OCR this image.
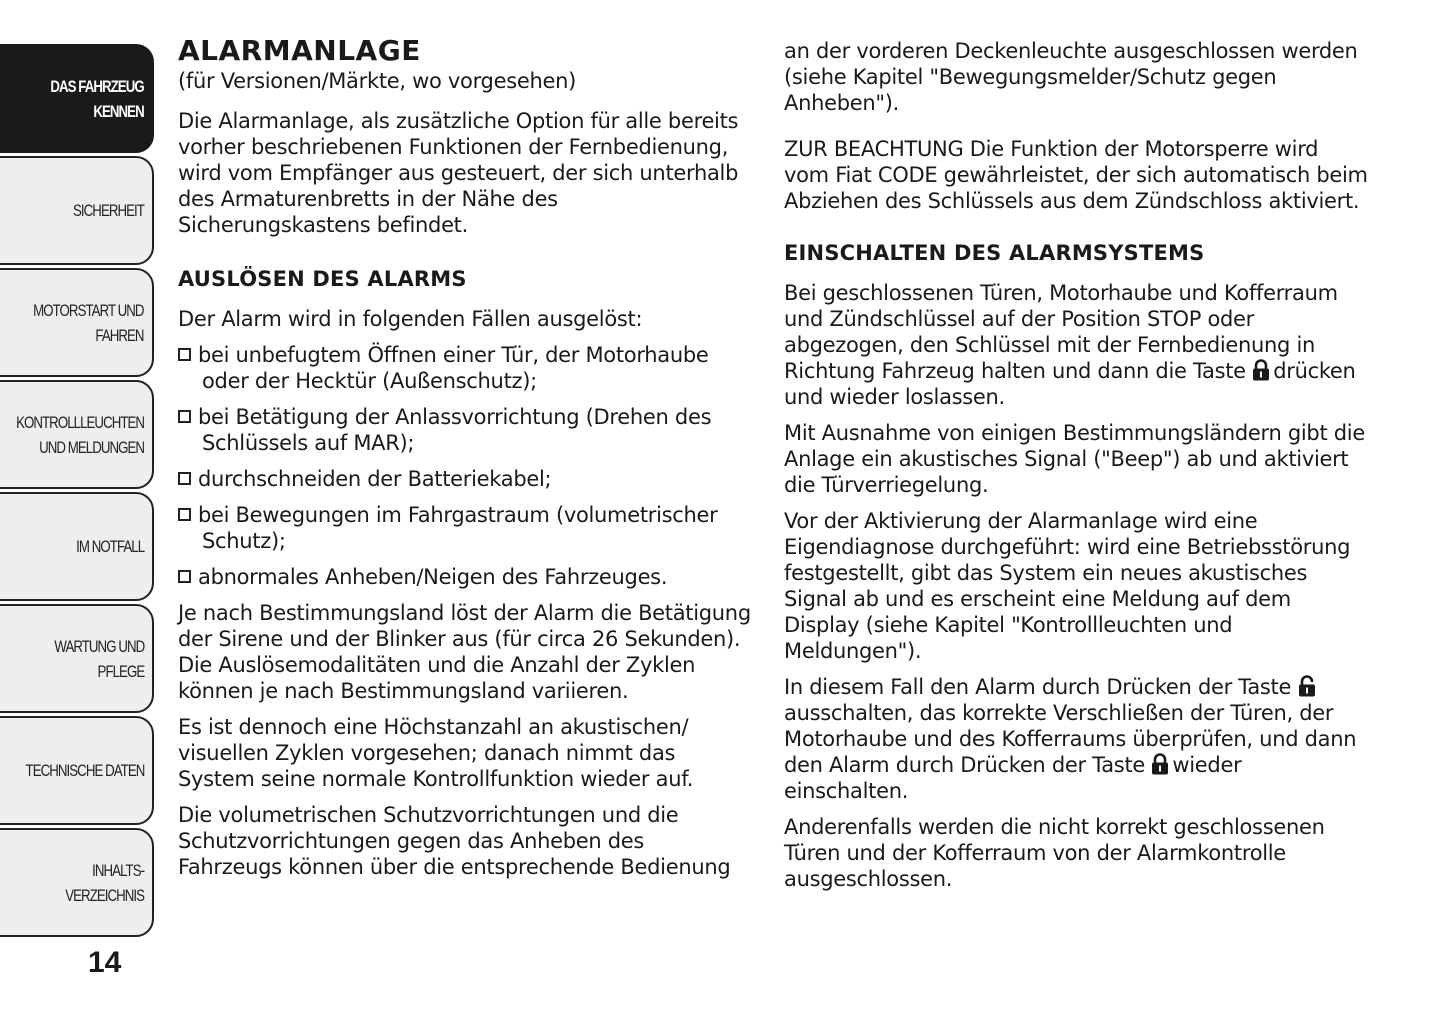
DAS FAHRZEUG
KENNEN
SICHERHEIT
MOTORSTART UND
FAHREN
KONTROLLLEUCHTEN
UND MELDUNGEN
IM NOTFALL
WARTUNG UND
PFLEGE
TECHNISCHE DATEN
INHALTS-
VERZEICHNIS
14
ALARMANLAGE
(für Versionen/Märkte, wo vorgesehen)

Die Alarmanlage, als zusätzliche Option für alle bereits vorher beschriebenen Funktionen der Fernbedienung, wird vom Empfänger aus gesteuert, der sich unterhalb des Armaturenbretts in der Nähe des Sicherungskastens befindet.

AUSLÖSEN DES ALARMS

Der Alarm wird in folgenden Fällen ausgelöst:

bei unbefugtem Öffnen einer Tür, der Motorhaube oder der Hecktür (Außenschutz);
bei Betätigung der Anlassvorrichtung (Drehen des Schlüssels auf MAR);
durchschneiden der Batteriekabel;
bei Bewegungen im Fahrgastraum (volumetrischer Schutz);
abnormales Anheben/Neigen des Fahrzeuges.

Je nach Bestimmungsland löst der Alarm die Betätigung der Sirene und der Blinker aus (für circa 26 Sekunden). Die Auslösemodalitäten und die Anzahl der Zyklen können je nach Bestimmungsland variieren.

Es ist dennoch eine Höchstanzahl an akustischen/ visuellen Zyklen vorgesehen; danach nimmt das System seine normale Kontrollfunktion wieder auf.

Die volumetrischen Schutzvorrichtungen und die Schutzvorrichtungen gegen das Anheben des Fahrzeugs können über die entsprechende Bedienung

an der vorderen Deckenleuchte ausgeschlossen werden (siehe Kapitel "Bewegungsmelder/Schutz gegen Anheben").

ZUR BEACHTUNG Die Funktion der Motorsperre wird vom Fiat CODE gewährleistet, der sich automatisch beim Abziehen des Schlüssels aus dem Zündschloss aktiviert.

EINSCHALTEN DES ALARMSYSTEMS

Bei geschlossenen Türen, Motorhaube und Kofferraum und Zündschlüssel auf der Position STOP oder abgezogen, den Schlüssel mit der Fernbedienung in Richtung Fahrzeug halten und dann die Taste drücken und wieder loslassen.

Mit Ausnahme von einigen Bestimmungsländern gibt die Anlage ein akustisches Signal ("Beep") ab und aktiviert die Türverriegelung.

Vor der Aktivierung der Alarmanlage wird eine Eigendiagnose durchgeführt: wird eine Betriebsstörung festgestellt, gibt das System ein neues akustisches Signal ab und es erscheint eine Meldung auf dem Display (siehe Kapitel "Kontrollleuchten und Meldungen").

In diesem Fall den Alarm durch Drücken der Taste ausschalten, das korrekte Verschließen der Türen, der Motorhaube und des Kofferraums überprüfen, und dann den Alarm durch Drücken der Taste wieder einschalten.

Anderenfalls werden die nicht korrekt geschlossenen Türen und der Kofferraum von der Alarmkontrolle ausgeschlossen.
